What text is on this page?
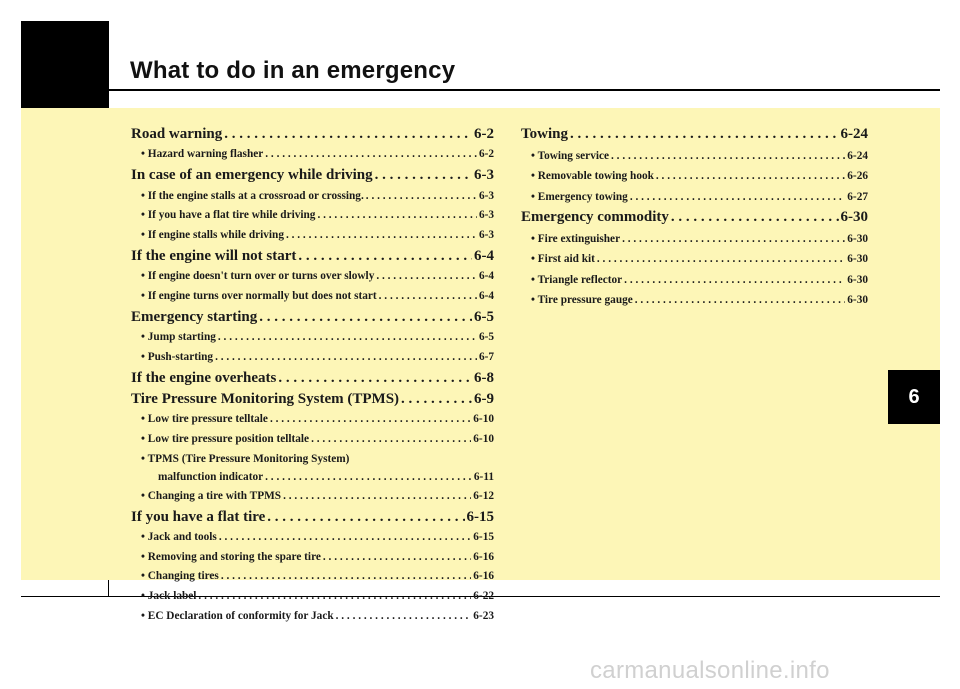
What to do in an emergency
6
Road warning . . .	6-2
• Hazard warning flasher . . .	6-2
In case of an emergency while driving . . .	6-3
• If the engine stalls at a crossroad or crossing. . . .	6-3
• If you have a flat tire while driving . . .	6-3
• If engine stalls while driving . . .	6-3
If the engine will not start . . .	6-4
• If engine doesn't turn over or turns over slowly . . .	6-4
• If engine turns over normally but does not start . . .	6-4
Emergency starting . . .	6-5
• Jump starting . . .	6-5
• Push-starting . . .	6-7
If the engine overheats . . .	6-8
Tire Pressure Monitoring System (TPMS) . . .	6-9
• Low tire pressure telltale . . .	6-10
• Low tire pressure position telltale . . .	6-10
• TPMS (Tire Pressure Monitoring System)
malfunction indicator . . .	6-11
• Changing a tire with TPMS . . .	6-12
If you have a flat tire . . .	6-15
• Jack and tools . . .	6-15
• Removing and storing the spare tire . . .	6-16
• Changing tires . . .	6-16
• Jack label . . .	6-22
• EC Declaration of conformity for Jack . . .	6-23
Towing . . .	6-24
• Towing service . . .	6-24
• Removable towing hook . . .	6-26
• Emergency towing . . .	6-27
Emergency commodity . . .	6-30
• Fire extinguisher . . .	6-30
• First aid kit . . .	6-30
• Triangle reflector . . .	6-30
• Tire pressure gauge . . .	6-30
carmanualsonline.info
